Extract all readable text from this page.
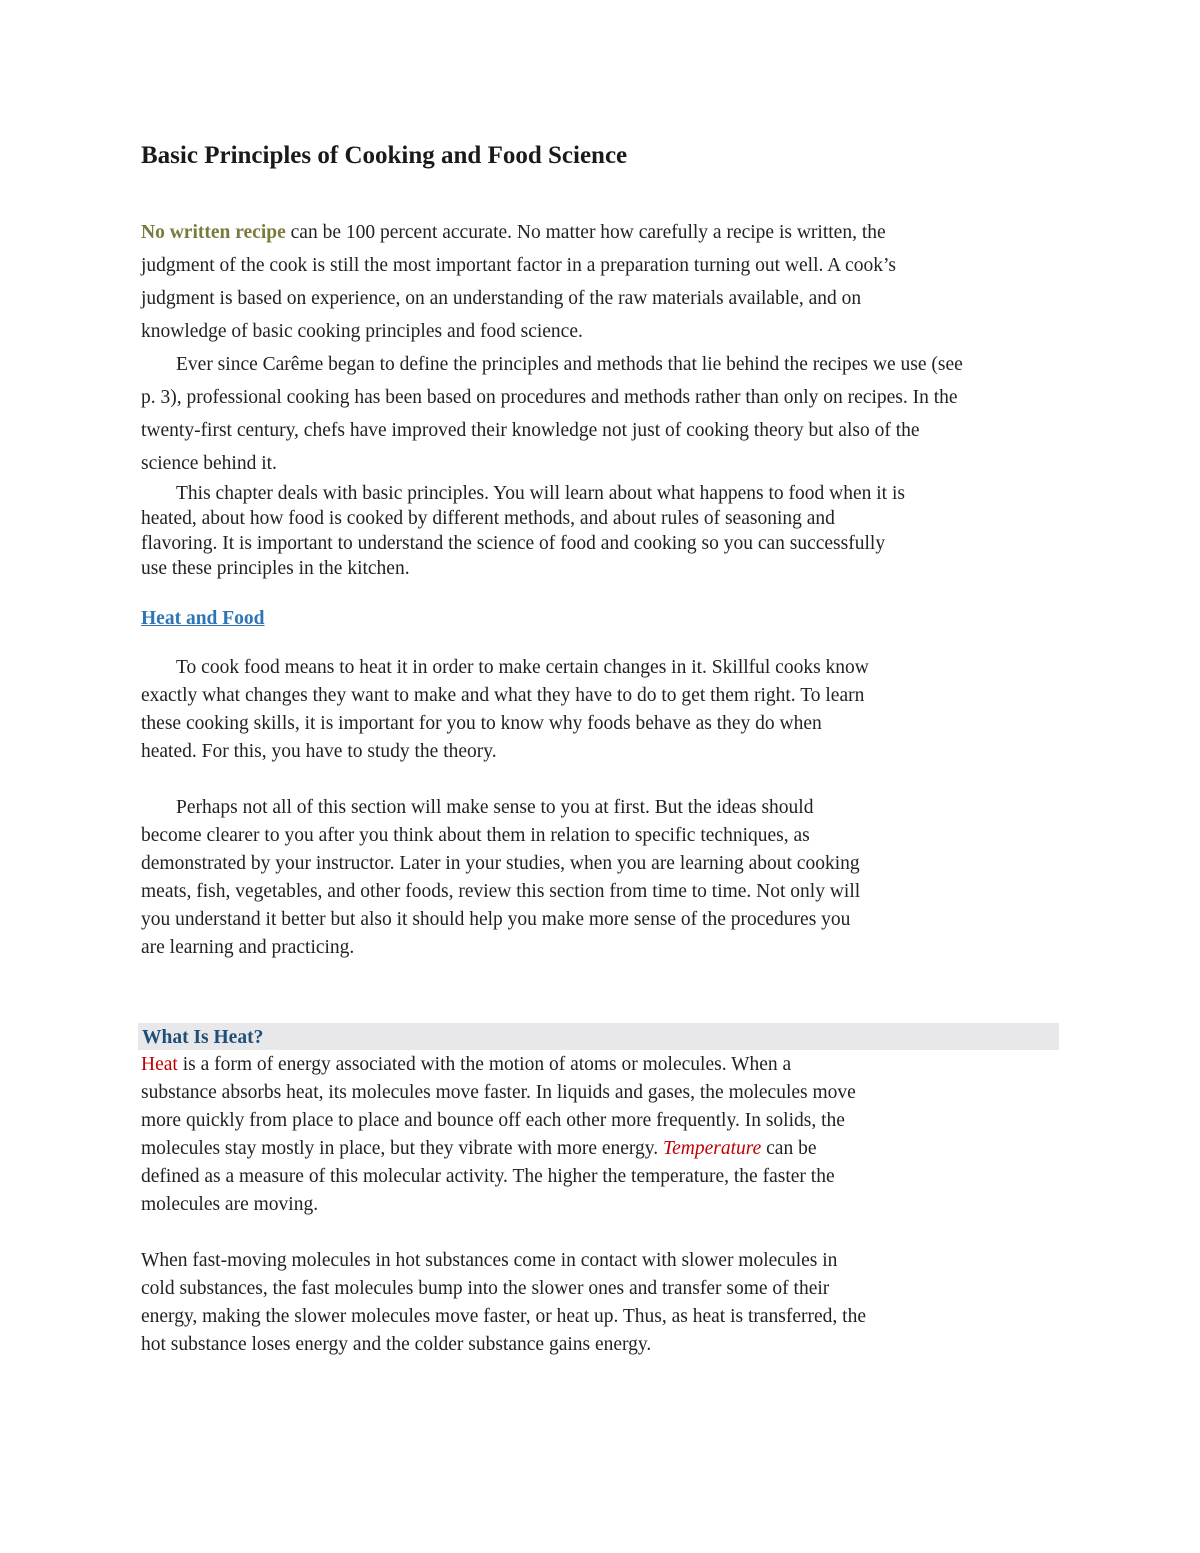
Basic Principles of Cooking and Food Science
No written recipe can be 100 percent accurate. No matter how carefully a recipe is written, the
judgment of the cook is still the most important factor in a preparation turning out well. A cook’s
judgment is based on experience, on an understanding of the raw materials available, and on
knowledge of basic cooking principles and food science.
Ever since Carême began to define the principles and methods that lie behind the recipes we use (see
p. 3), professional cooking has been based on procedures and methods rather than only on recipes. In the
twenty-first century, chefs have improved their knowledge not just of cooking theory but also of the
science behind it.
This chapter deals with basic principles. You will learn about what happens to food when it is
heated, about how food is cooked by different methods, and about rules of seasoning and
flavoring. It is important to understand the science of food and cooking so you can successfully
use these principles in the kitchen.
Heat and Food
To cook food means to heat it in order to make certain changes in it. Skillful cooks know
exactly what changes they want to make and what they have to do to get them right. To learn
these cooking skills, it is important for you to know why foods behave as they do when
heated. For this, you have to study the theory.
Perhaps not all of this section will make sense to you at first. But the ideas should
become clearer to you after you think about them in relation to specific techniques, as
demonstrated by your instructor. Later in your studies, when you are learning about cooking
meats, fish, vegetables, and other foods, review this section from time to time. Not only will
you understand it better but also it should help you make more sense of the procedures you
are learning and practicing.
What Is Heat?
Heat is a form of energy associated with the motion of atoms or molecules. When a
substance absorbs heat, its molecules move faster. In liquids and gases, the molecules move
more quickly from place to place and bounce off each other more frequently. In solids, the
molecules stay mostly in place, but they vibrate with more energy. Temperature can be
defined as a measure of this molecular activity. The higher the temperature, the faster the
molecules are moving.
When fast-moving molecules in hot substances come in contact with slower molecules in
cold substances, the fast molecules bump into the slower ones and transfer some of their
energy, making the slower molecules move faster, or heat up. Thus, as heat is transferred, the
hot substance loses energy and the colder substance gains energy.
